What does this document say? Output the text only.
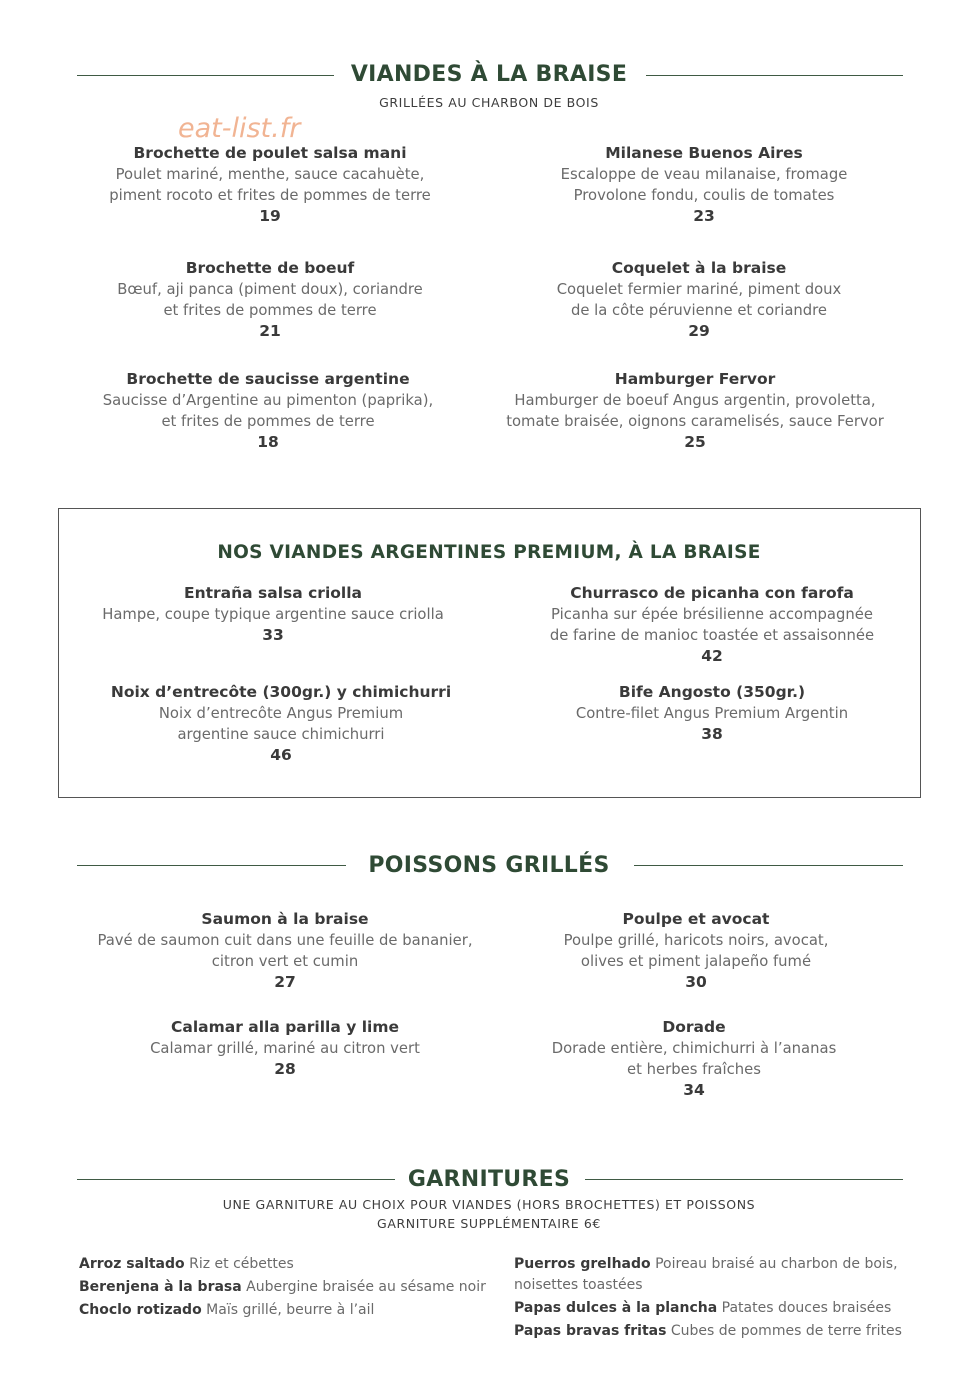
eat-list.fr
VIANDES À LA BRAISE
GRILLÉES AU CHARBON DE BOIS
Brochette de poulet salsa mani
Poulet mariné, menthe, sauce cacahuète,
piment rocoto et frites de pommes de terre
19
Milanese Buenos Aires
Escaloppe de veau milanaise, fromage
Provolone fondu, coulis de tomates
23
Brochette de boeuf
Bœuf, aji panca (piment doux), coriandre
et frites de pommes de terre
21
Coquelet à la braise
Coquelet fermier mariné, piment doux
de la côte péruvienne et coriandre
29
Brochette de saucisse argentine
Saucisse d’Argentine au pimenton (paprika),
et frites de pommes de terre
18
Hamburger Fervor
Hamburger de boeuf Angus argentin, provoletta,
tomate braisée, oignons caramelisés, sauce Fervor
25
NOS VIANDES ARGENTINES PREMIUM, À LA BRAISE
Entraña salsa criolla
Hampe, coupe typique argentine sauce criolla
33
Churrasco de picanha con farofa
Picanha sur épée brésilienne accompagnée
de farine de manioc toastée et assaisonnée
42
Noix d’entrecôte (300gr.) y chimichurri
Noix d’entrecôte Angus Premium
argentine sauce chimichurri
46
Bife Angosto (350gr.)
Contre-filet Angus Premium Argentin
38
POISSONS GRILLÉS
Saumon à la braise
Pavé de saumon cuit dans une feuille de bananier,
citron vert et cumin
27
Poulpe et avocat
Poulpe grillé, haricots noirs, avocat,
olives et piment jalapeño fumé
30
Calamar alla parilla y lime
Calamar grillé, mariné au citron vert
28
Dorade
Dorade entière, chimichurri à l’ananas
et herbes fraîches
34
GARNITURES
UNE GARNITURE AU CHOIX POUR VIANDES (HORS BROCHETTES) ET POISSONS
GARNITURE SUPPLÉMENTAIRE 6€
Arroz saltado Riz et cébettes
Berenjena à la brasa Aubergine braisée au sésame noir
Choclo rotizado Maïs grillé, beurre à l’ail
Puerros grelhado Poireau braisé au charbon de bois,
noisettes toastées
Papas dulces à la plancha Patates douces braisées
Papas bravas fritas Cubes de pommes de terre frites
